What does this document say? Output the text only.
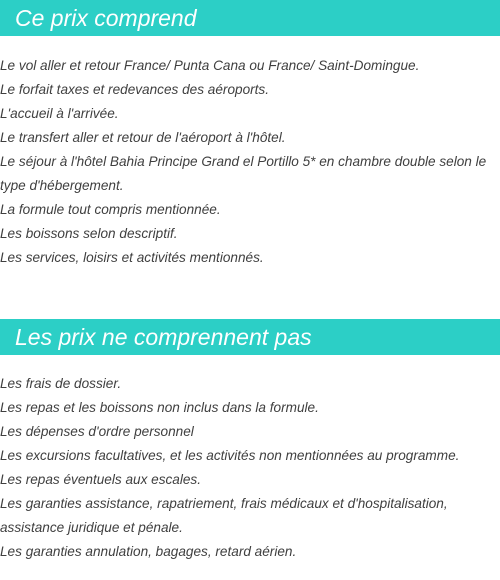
Ce prix comprend
Le vol aller et retour France/ Punta Cana ou France/ Saint-Domingue.
Le forfait taxes et redevances des aéroports.
L'accueil à l'arrivée.
Le transfert aller et retour de l'aéroport à l'hôtel.
Le séjour à l'hôtel Bahia Principe Grand el Portillo 5* en chambre double selon le type d'hébergement.
La formule tout compris mentionnée.
Les boissons selon descriptif.
Les services, loisirs et activités mentionnés.
Les prix ne comprennent pas
Les frais de dossier.
Les repas et les boissons non inclus dans la formule.
Les dépenses d'ordre personnel
Les excursions facultatives, et les activités non mentionnées au programme.
Les repas éventuels aux escales.
Les garanties assistance, rapatriement, frais médicaux et d'hospitalisation, assistance juridique et pénale.
Les garanties annulation, bagages, retard aérien.
